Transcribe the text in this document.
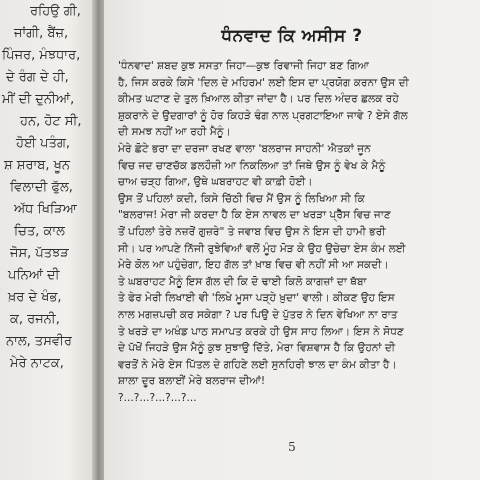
ਰਹਿਉ ਗੀ,
ਜਾਂਗੀ, ਬੈਂਜ਼,
ਪਿੰਜਰ, ਮੰਝਧਾਰ,
ਦੇ ਰੰਗ ਦੇ ਹੀ,
ਮੀਂ ਦੀ ਦੁਨੀਆਂ,
ਹਨ, ਹੋਟ ਸੀ,
ਹੋਈ ਪਤੰਗ,
ਸ਼ ਸ਼ਰਾਬ, ਖੂਨ
ਵਿਲਾਦੀ ਫੁੱਲ,
ਅੱਧ ਖਿੜਿਆ
ਚਿਤ, ਕਾਲ
ਜੋਸ, ਪੱਤਝੜ
ਪਨਿਆਂ ਦੀ
ਖ਼ਰ ਦੇ ਖੰਭ,
ਕ, ਰਜਨੀ,
ਨਾਲ, ਤਸਵੀਰ
ਮੇਰੇ ਨਾਟਕ,
ਧੰਨਵਾਦ ਕਿ ਅਸੀਸ ?
'ਧੰਨਵਾਦ' ਸ਼ਬਦ ਕੁਝ ਸਸਤਾ ਜਿਹਾ—ਕੁਝ ਰਿਵਾਜੀ ਜਿਹਾ ਬਣ ਗਿਆ
ਹੈ, ਜਿਸ ਕਰਕੇ ਕਿਸੇ 'ਦਿਲ ਦੇ ਮਹਿਰਮ' ਲਈ ਇਸ ਦਾ ਪ੍ਰਯੋਗ ਕਰਨਾ ਉਸ ਦੀ
ਕੀਮਤ ਘਟਾਣ ਦੇ ਤੁਲ ਖ਼ਿਆਲ ਕੀਤਾ ਜਾਂਦਾ ਹੈ। ਪਰ ਦਿਲ ਅੰਦਰ ਛਲਕ ਰਹੇ
ਸ਼ੁਕਰਾਨੇ ਦੇ ਉਦਗਾਰਾਂ ਨੂੰ ਹੋਰ ਕਿਹੜੇ ਢੰਗ ਨਾਲ ਪ੍ਰਗਟਾਇਆ ਜਾਵੇ ? ਏਸੇ ਗੱਲ
ਦੀ ਸਮਝ ਨਹੀਂ ਆ ਰਹੀ ਮੈਨੂੰ।
ਮੇਰੇ ਛੋਟੇ ਭਰਾ ਦਾ ਦਰਜਾ ਰਖਣ ਵਾਲਾ 'ਬਲਰਾਜ ਸਾਹਨੀ' ਐਤਕਾਂ ਜੂਨ
ਵਿਚ ਜਦ ਚਾਣਚੱਕ ਡਲਹੌਜ਼ੀ ਆ ਨਿਕਲਿਆ ਤਾਂ ਜਿਥੇ ਉਸ ਨੂੰ ਵੇਖ ਕੇ ਮੈਨੂੰ
ਚਾਅ ਚੜ੍ਹ ਗਿਆ, ਉਥੇ ਘਬਰਾਹਟ ਵੀ ਕਾਫ਼ੀ ਹੋਈ।
ਉਸ ਤੋਂ ਪਹਿਲਾਂ ਕਦੀ, ਕਿਸੇ ਚਿੱਠੀ ਵਿਚ ਮੈਂ ਉਸ ਨੂੰ ਲਿਖਿਆ ਸੀ ਕਿ
"ਬਲਰਾਜ! ਮੇਰਾ ਜੀ ਕਰਦਾ ਹੈ ਕਿ ਏਸ ਨਾਵਲ ਦਾ ਖਰੜਾ ਪ੍ਰੈੱਸ ਵਿਚ ਜਾਣ
ਤੋਂ ਪਹਿਲਾਂ ਤੇਰੇ ਨਜ਼ਰੋਂ ਗੁਜ਼ਰੇ" ਤੇ ਜਵਾਬ ਵਿਚ ਉਸ ਨੇ ਇਸ ਦੀ ਹਾਮੀ ਭਰੀ
ਸੀ। ਪਰ ਆਪਣੇ ਨਿੱਜੀ ਰੁਝੇਵਿਆਂ ਵਲੋਂ ਮੂੰਹ ਮੋੜ ਕੇ ਉਹ ਉਚੇਚਾ ਏਸ ਕੰਮ ਲਈ
ਮੇਰੇ ਕੋਲ ਆ ਪਹੁੰਚੇਗਾ, ਇਹ ਗੱਲ ਤਾਂ ਖ਼ਾਬ ਵਿਚ ਵੀ ਨਹੀਂ ਸੀ ਆ ਸਕਦੀ।
ਤੇ ਘਬਰਾਹਟ ਮੈਨੂੰ ਇਸ ਗੱਲ ਦੀ ਕਿ ਦੋ ਢਾਈ ਕਿਲੋ ਕਾਗਜ਼ਾਂ ਦਾ ਥੱਬਾ
ਤੇ ਫੇਰ ਮੇਰੀ ਲਿਖਾਈ ਵੀ 'ਲਿਖੇ ਮੂਸਾ ਪੜ੍ਹੇ ਖ਼ੁਦਾ' ਵਾਲੀ। ਕੀਕਣ ਉਹ ਇਸ
ਨਾਲ ਮਗਜ਼ਪਚੀ ਕਰ ਸਕੇਗਾ ? ਪਰ ਪਿਉ ਦੇ ਪੁੱਤਰ ਨੇ ਦਿਨ ਵੇਖਿਆ ਨਾ ਰਾਤ
ਤੇ ਖਰੜੇ ਦਾ ਅਖੰਡ ਪਾਠ ਸਮਾਪਤ ਕਰਕੇ ਹੀ ਉਸ ਸਾਹ ਲਿਆ। ਇਸ ਨੇ ਸੋਧਣ
ਦੇ ਪੱਖੋਂ ਜਿਹੜੇ ਉਸ ਮੈਨੂੰ ਕੁਝ ਸੁਝਾਉ ਦਿੱਤੇ, ਮੇਰਾ ਵਿਸ਼ਵਾਸ ਹੈ ਕਿ ਉਹਨਾਂ ਦੀ
ਵਰਤੋਂ ਨੇ ਮੇਰੇ ਏਸ ਪਿੱਤਲ ਦੇ ਗਹਿਣੇ ਲਈ ਸੁਨਹਿਰੀ ਝਾਲ ਦਾ ਕੰਮ ਕੀਤਾ ਹੈ।
ਸ਼ਾਲਾ ਦੂਰ ਬਲਾਈਂ ਮੇਰੇ ਬਲਰਾਜ ਦੀਆਂ!
?...?...?...?...?...
5
